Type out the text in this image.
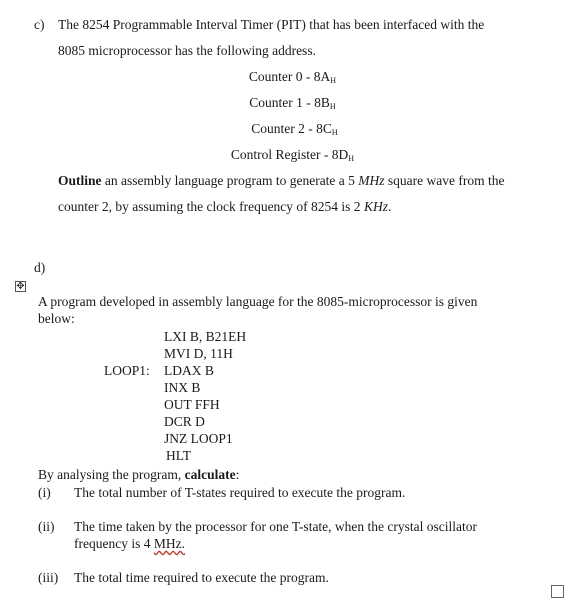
c) The 8254 Programmable Interval Timer (PIT) that has been interfaced with the
8085 microprocessor has the following address.
Counter $0 - 8A_H$
Counter $1 - 8B_H$
Counter $2 - 8C_H$
Control Register - $8D_H$
Outline an assembly language program to generate a 5 MHz square wave from the
counter 2, by assuming the clock frequency of 8254 is 2 KHz.
d)
✥
A program developed in assembly language for the 8085-microprocessor is given
below:
LXI B, B21EH
MVI D, 11H
LOOP1: LDAX B
INX B
OUT FFH
DCR D
JNZ LOOP1
HLT
By analysing the program, calculate:
(i) The total number of T-states required to execute the program.
(ii) The time taken by the processor for one T-state, when the crystal oscillator
frequency is 4 MHz.
(iii) The total time required to execute the program.
